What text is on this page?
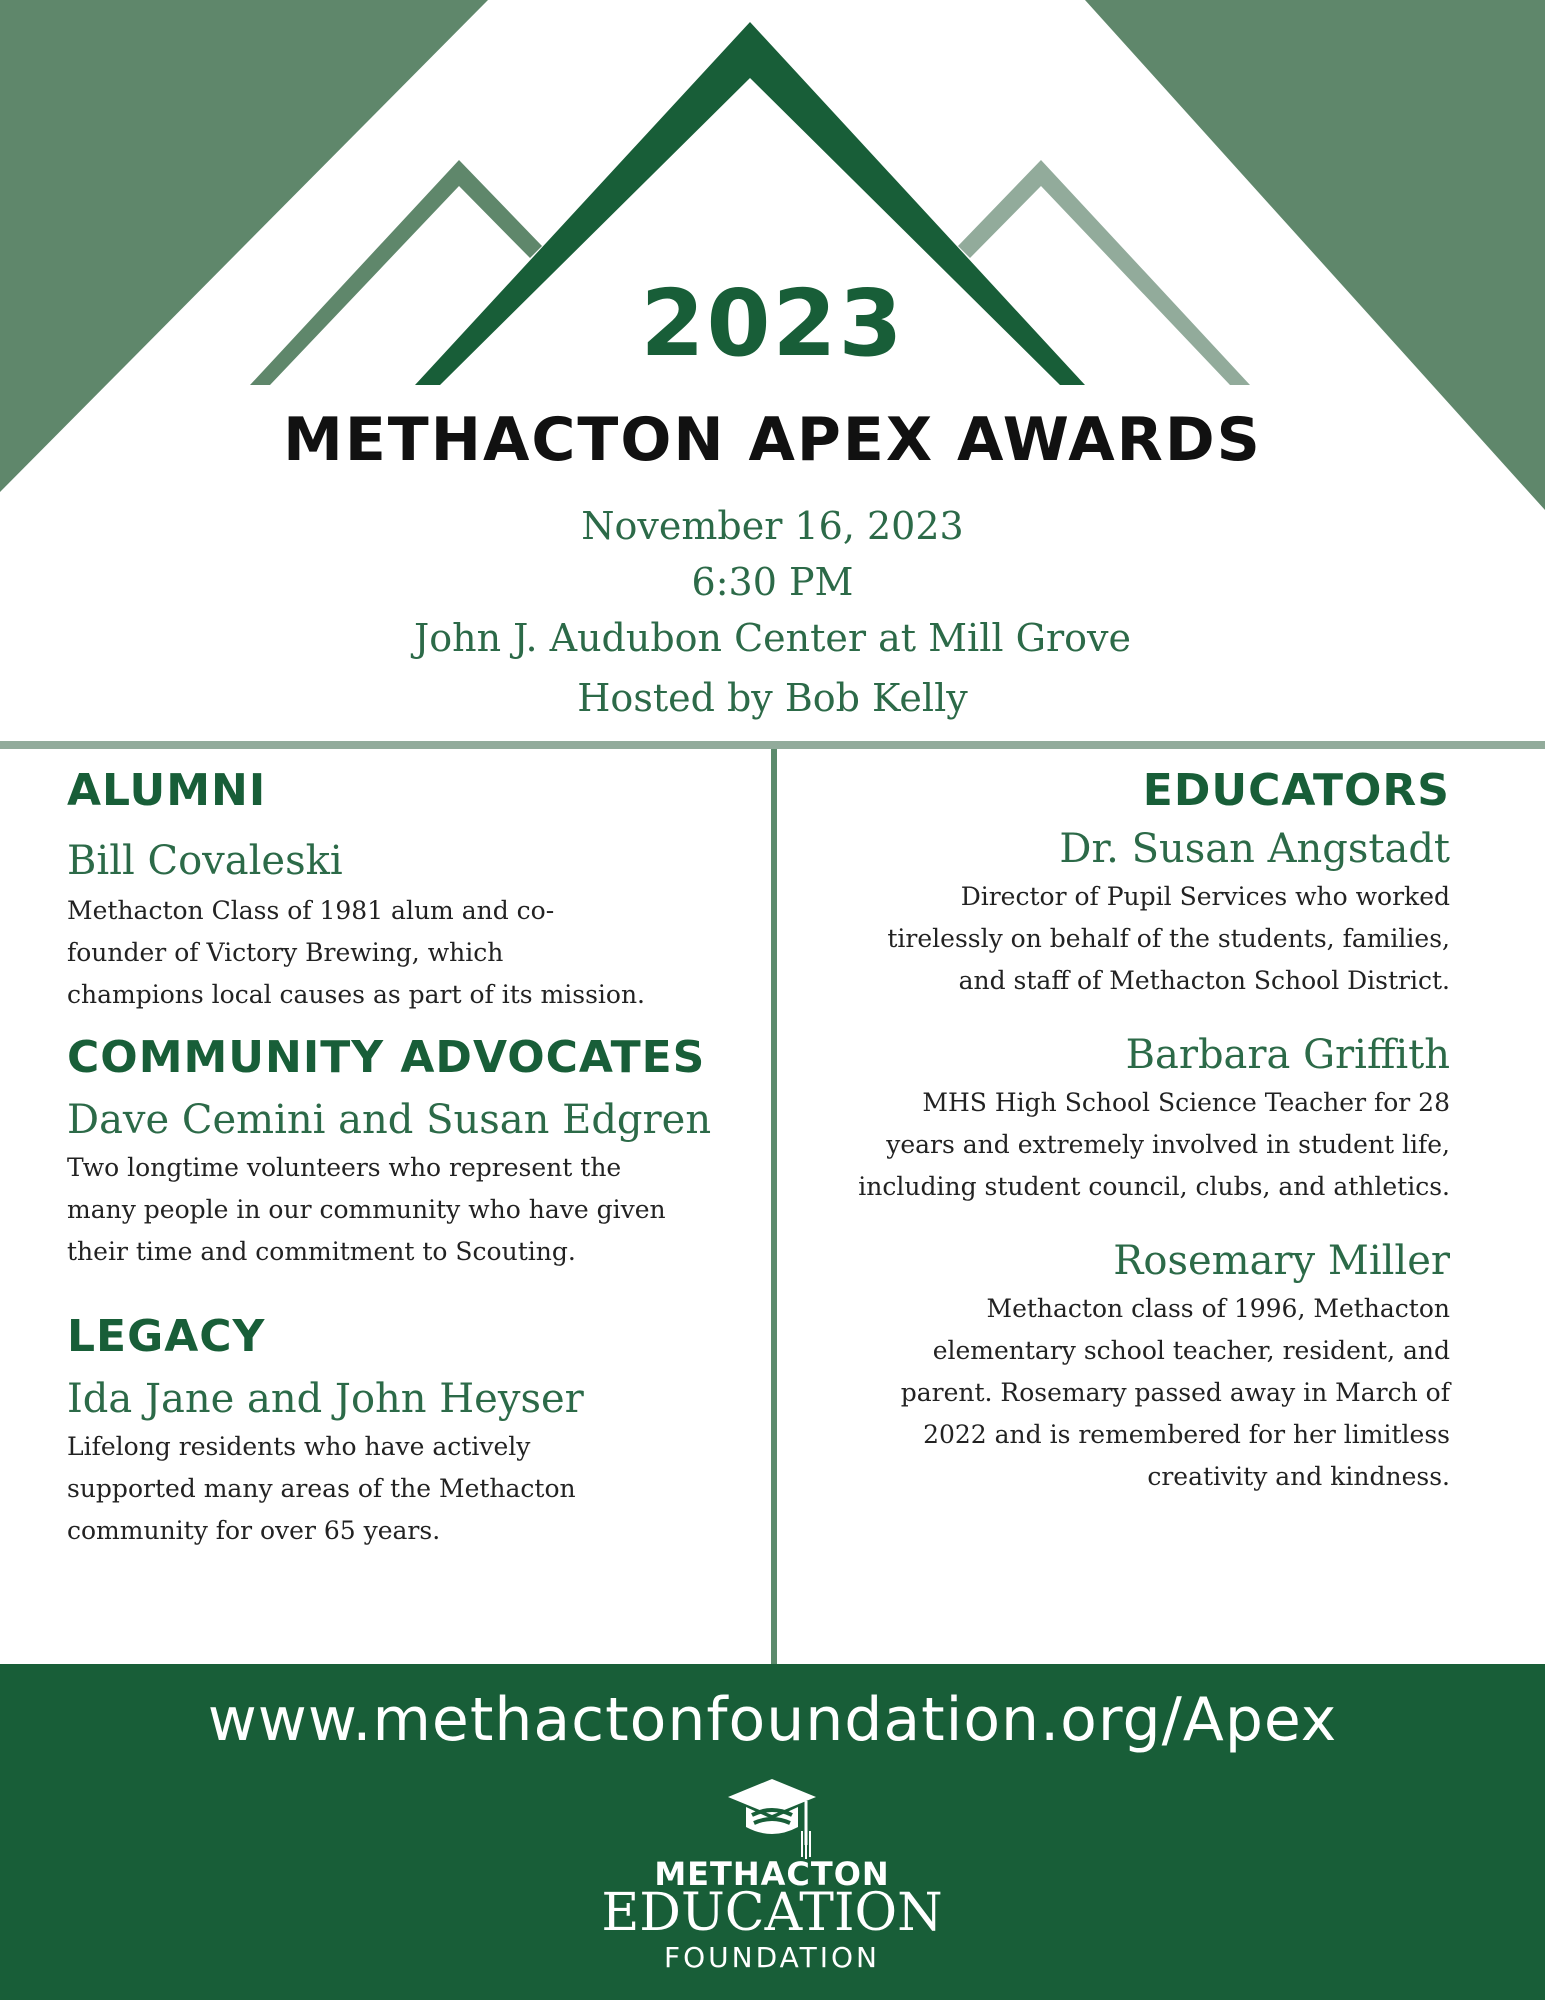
2023
METHACTON APEX AWARDS
November 16, 2023
6:30 PM
John J. Audubon Center at Mill Grove
Hosted by Bob Kelly
ALUMNI
Bill Covaleski
Methacton Class of 1981 alum and co-
founder of Victory Brewing, which
champions local causes as part of its mission.
COMMUNITY ADVOCATES
Dave Cemini and Susan Edgren
Two longtime volunteers who represent the
many people in our community who have given
their time and commitment to Scouting.
LEGACY
Ida Jane and John Heyser
Lifelong residents who have actively
supported many areas of the Methacton
community for over 65 years.
EDUCATORS
Dr. Susan Angstadt
Director of Pupil Services who worked
tirelessly on behalf of the students, families,
and staff of Methacton School District.
Barbara Griffith
MHS High School Science Teacher for 28
years and extremely involved in student life,
including student council, clubs, and athletics.
Rosemary Miller
Methacton class of 1996, Methacton
elementary school teacher, resident, and
parent. Rosemary passed away in March of
2022 and is remembered for her limitless
creativity and kindness.
www.methactonfoundation.org/Apex
METHACTON
EDUCATION
FOUNDATION
